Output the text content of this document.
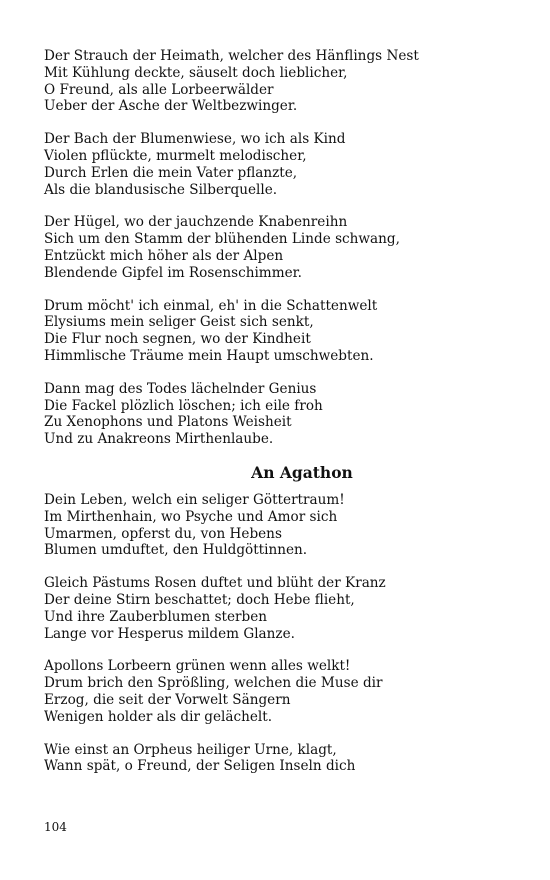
Der Strauch der Heimath, welcher des Hänflings Nest
Mit Kühlung deckte, säuselt doch lieblicher,
O Freund, als alle Lorbeerwälder
Ueber der Asche der Weltbezwinger.
Der Bach der Blumenwiese, wo ich als Kind
Violen pflückte, murmelt melodischer,
Durch Erlen die mein Vater pflanzte,
Als die blandusische Silberquelle.
Der Hügel, wo der jauchzende Knabenreihn
Sich um den Stamm der blühenden Linde schwang,
Entzückt mich höher als der Alpen
Blendende Gipfel im Rosenschimmer.
Drum möcht' ich einmal, eh' in die Schattenwelt
Elysiums mein seliger Geist sich senkt,
Die Flur noch segnen, wo der Kindheit
Himmlische Träume mein Haupt umschwebten.
Dann mag des Todes lächelnder Genius
Die Fackel plözlich löschen; ich eile froh
Zu Xenophons und Platons Weisheit
Und zu Anakreons Mirthenlaube.
An Agathon
Dein Leben, welch ein seliger Göttertraum!
Im Mirthenhain, wo Psyche und Amor sich
Umarmen, opferst du, von Hebens
Blumen umduftet, den Huldgöttinnen.
Gleich Pästums Rosen duftet und blüht der Kranz
Der deine Stirn beschattet; doch Hebe flieht,
Und ihre Zauberblumen sterben
Lange vor Hesperus mildem Glanze.
Apollons Lorbeern grünen wenn alles welkt!
Drum brich den Sprößling, welchen die Muse dir
Erzog, die seit der Vorwelt Sängern
Wenigen holder als dir gelächelt.
Wie einst an Orpheus heiliger Urne, klagt,
Wann spät, o Freund, der Seligen Inseln dich
104
